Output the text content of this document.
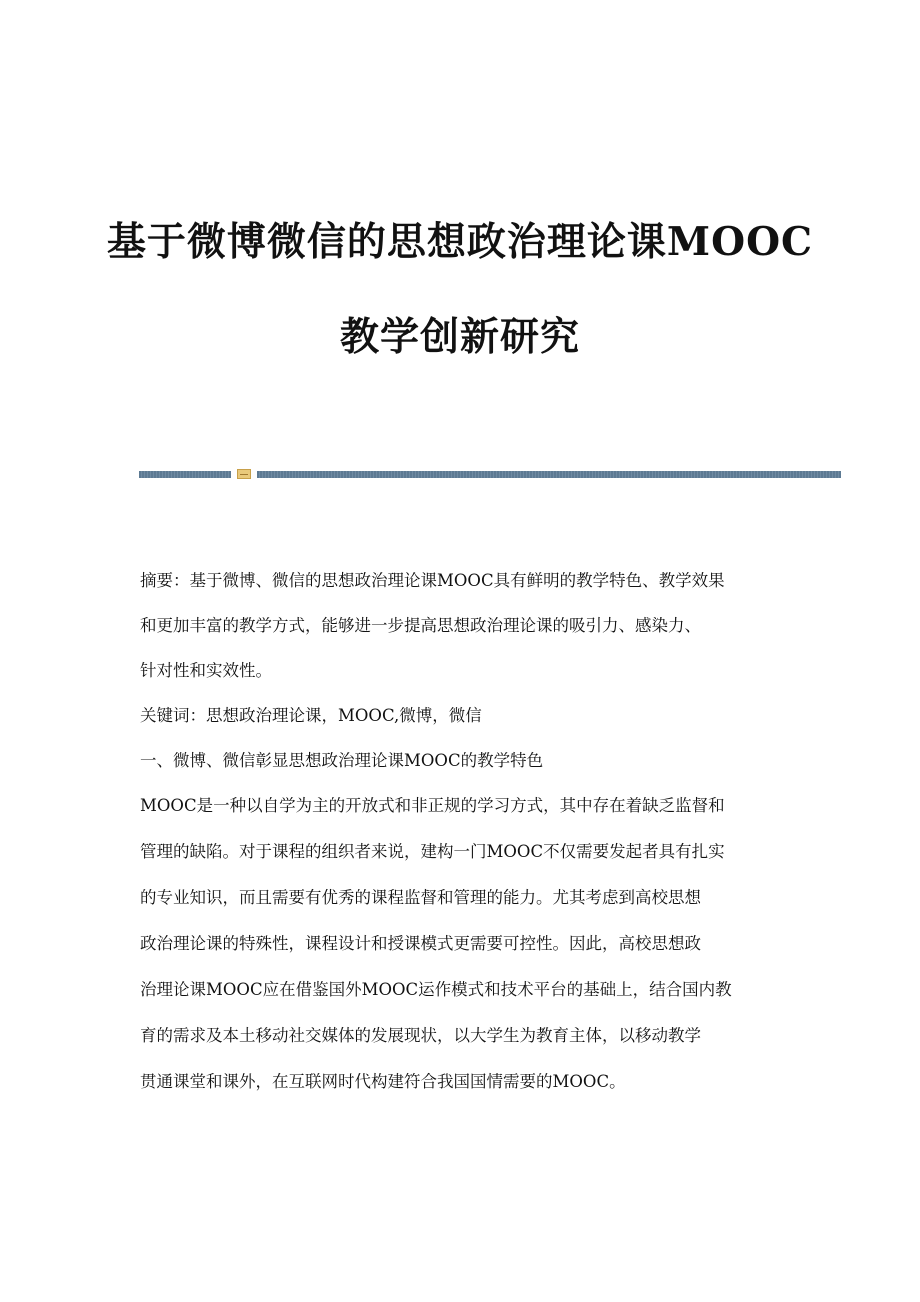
基于微博微信的思想政治理论课MOOC
教学创新研究

摘要：基于微博、微信的思想政治理论课MOOC具有鲜明的教学特色、教学效果

和更加丰富的教学方式，能够进一步提高思想政治理论课的吸引力、感染力、

针对性和实效性。

关键词：思想政治理论课，MOOC,微博，微信

一、微博、微信彰显思想政治理论课MOOC的教学特色

MOOC是一种以自学为主的开放式和非正规的学习方式，其中存在着缺乏监督和

管理的缺陷。对于课程的组织者来说，建构一门MOOC不仅需要发起者具有扎实

的专业知识，而且需要有优秀的课程监督和管理的能力。尤其考虑到高校思想

政治理论课的特殊性，课程设计和授课模式更需要可控性。因此，高校思想政

治理论课MOOC应在借鉴国外MOOC运作模式和技术平台的基础上，结合国内教

育的需求及本土移动社交媒体的发展现状，以大学生为教育主体，以移动教学

贯通课堂和课外，在互联网时代构建符合我国国情需要的MOOC。
